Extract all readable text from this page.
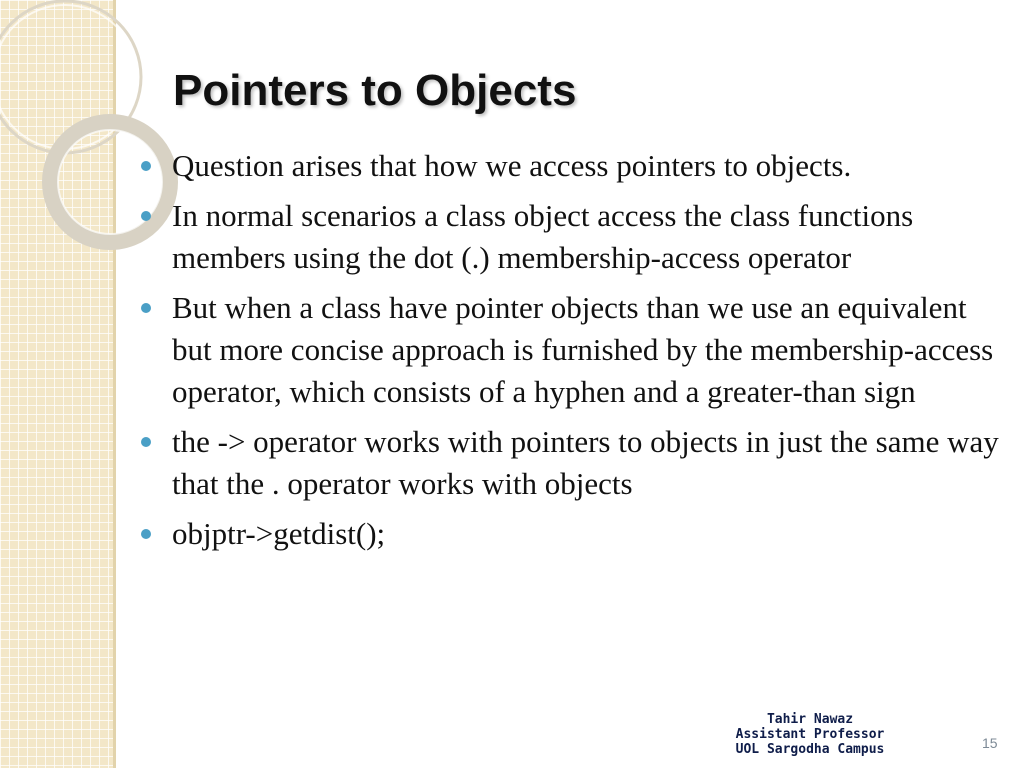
Pointers to Objects
Question arises that how we access pointers to objects.
In normal scenarios a class object access the class functions members using the dot (.) membership-access operator
But when a class have pointer objects than we use an equivalent but more concise approach is furnished by the membership-access operator, which consists of a hyphen and a greater-than sign
the -> operator works with pointers to objects in just the same way that the . operator works with objects
objptr->getdist();
Tahir Nawaz
Assistant Professor
UOL Sargodha Campus	15
